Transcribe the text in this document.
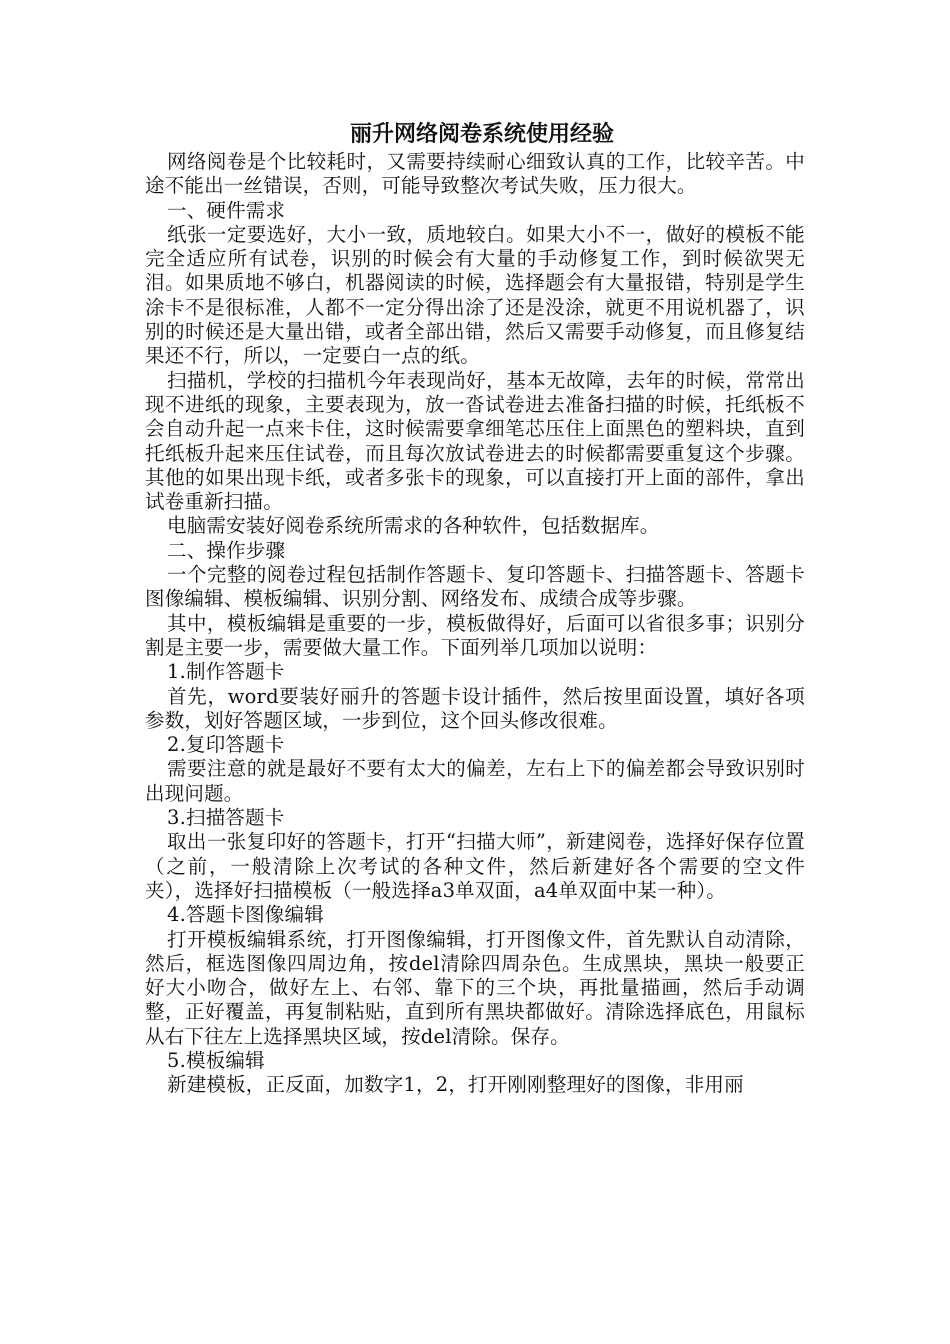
丽升网络阅卷系统使用经验

网络阅卷是个比较耗时，又需要持续耐心细致认真的工作，比较辛苦。中途不能出一丝错误，否则，可能导致整次考试失败，压力很大。

一、硬件需求

纸张一定要选好，大小一致，质地较白。如果大小不一，做好的模板不能完全适应所有试卷，识别的时候会有大量的手动修复工作，到时候欲哭无泪。如果质地不够白，机器阅读的时候，选择题会有大量报错，特别是学生涂卡不是很标准，人都不一定分得出涂了还是没涂，就更不用说机器了，识别的时候还是大量出错，或者全部出错，然后又需要手动修复，而且修复结果还不行，所以，一定要白一点的纸。

扫描机，学校的扫描机今年表现尚好，基本无故障，去年的时候，常常出现不进纸的现象，主要表现为，放一沓试卷进去准备扫描的时候，托纸板不会自动升起一点来卡住，这时候需要拿细笔芯压住上面黑色的塑料块，直到托纸板升起来压住试卷，而且每次放试卷进去的时候都需要重复这个步骤。其他的如果出现卡纸，或者多张卡的现象，可以直接打开上面的部件，拿出试卷重新扫描。

电脑需安装好阅卷系统所需求的各种软件，包括数据库。

二、操作步骤

一个完整的阅卷过程包括制作答题卡、复印答题卡、扫描答题卡、答题卡图像编辑、模板编辑、识别分割、网络发布、成绩合成等步骤。

其中，模板编辑是重要的一步，模板做得好，后面可以省很多事；识别分割是主要一步，需要做大量工作。下面列举几项加以说明：

1.制作答题卡

首先，word要装好丽升的答题卡设计插件，然后按里面设置，填好各项参数，划好答题区域，一步到位，这个回头修改很难。

2.复印答题卡

需要注意的就是最好不要有太大的偏差，左右上下的偏差都会导致识别时出现问题。

3.扫描答题卡

取出一张复印好的答题卡，打开“扫描大师”，新建阅卷，选择好保存位置（之前，一般清除上次考试的各种文件，然后新建好各个需要的空文件夹），选择好扫描模板（一般选择a3单双面，a4单双面中某一种）。

4.答题卡图像编辑

打开模板编辑系统，打开图像编辑，打开图像文件，首先默认自动清除，然后，框选图像四周边角，按del清除四周杂色。生成黑块，黑块一般要正好大小吻合，做好左上、右邻、靠下的三个块，再批量描画，然后手动调整，正好覆盖，再复制粘贴，直到所有黑块都做好。清除选择底色，用鼠标从右下往左上选择黑块区域，按del清除。保存。

5.模板编辑

新建模板，正反面，加数字1，2，打开刚刚整理好的图像，非用丽
